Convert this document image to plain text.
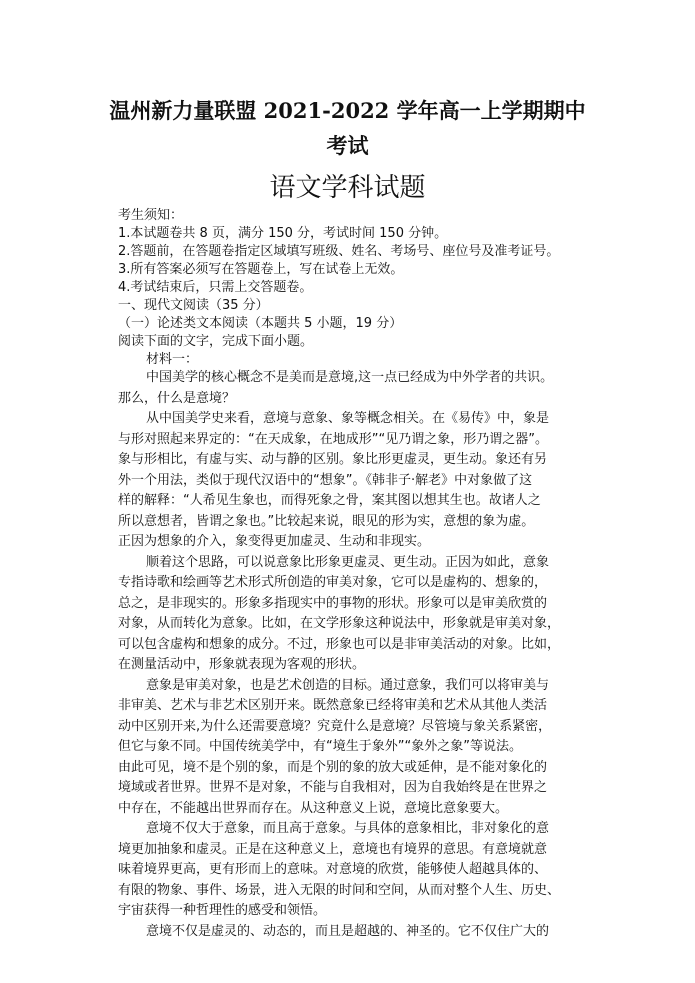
温州新力量联盟 2021-2022 学年高一上学期期中
考试
语文学科试题
考生须知：
1.本试题卷共 8 页，满分 150 分，考试时间 150 分钟。
2.答题前，在答题卷指定区域填写班级、姓名、考场号、座位号及准考证号。
3.所有答案必须写在答题卷上，写在试卷上无效。
4.考试结束后，只需上交答题卷。
一、现代文阅读（35 分）
（一）论述类文本阅读（本题共 5 小题，19 分）
阅读下面的文字，完成下面小题。
材料一：
中国美学的核心概念不是美而是意境,这一点已经成为中外学者的共识。
那么，什么是意境？
从中国美学史来看，意境与意象、象等概念相关。在《易传》中，象是
与形对照起来界定的：“在天成象，在地成形”“见乃谓之象，形乃谓之器”。
象与形相比，有虚与实、动与静的区别。象比形更虚灵，更生动。象还有另
外一个用法，类似于现代汉语中的“想象”。《韩非子·解老》中对象做了这
样的解释：“人希见生象也，而得死象之骨，案其图以想其生也。故诸人之
所以意想者，皆谓之象也。”比较起来说，眼见的形为实，意想的象为虚。
正因为想象的介入，象变得更加虚灵、生动和非现实。
顺着这个思路，可以说意象比形象更虚灵、更生动。正因为如此，意象
专指诗歌和绘画等艺术形式所创造的审美对象，它可以是虚构的、想象的，
总之，是非现实的。形象多指现实中的事物的形状。形象可以是审美欣赏的
对象，从而转化为意象。比如，在文学形象这种说法中，形象就是审美对象，
可以包含虚构和想象的成分。不过，形象也可以是非审美活动的对象。比如，
在测量活动中，形象就表现为客观的形状。
意象是审美对象，也是艺术创造的目标。通过意象，我们可以将审美与
非审美、艺术与非艺术区别开来。既然意象已经将审美和艺术从其他人类活
动中区别开来,为什么还需要意境？究竟什么是意境？尽管境与象关系紧密，
但它与象不同。中国传统美学中，有“境生于象外”“象外之象”等说法。
由此可见，境不是个别的象，而是个别的象的放大或延伸，是不能对象化的
境域或者世界。世界不是对象，不能与自我相对，因为自我始终是在世界之
中存在，不能越出世界而存在。从这种意义上说，意境比意象要大。
意境不仅大于意象，而且高于意象。与具体的意象相比，非对象化的意
境更加抽象和虚灵。正是在这种意义上，意境也有境界的意思。有意境就意
味着境界更高，更有形而上的意味。对意境的欣赏，能够使人超越具体的、
有限的物象、事件、场景，进入无限的时间和空间，从而对整个人生、历史、
宇宙获得一种哲理性的感受和领悟。
意境不仅是虚灵的、动态的，而且是超越的、神圣的。它不仅住广大的
